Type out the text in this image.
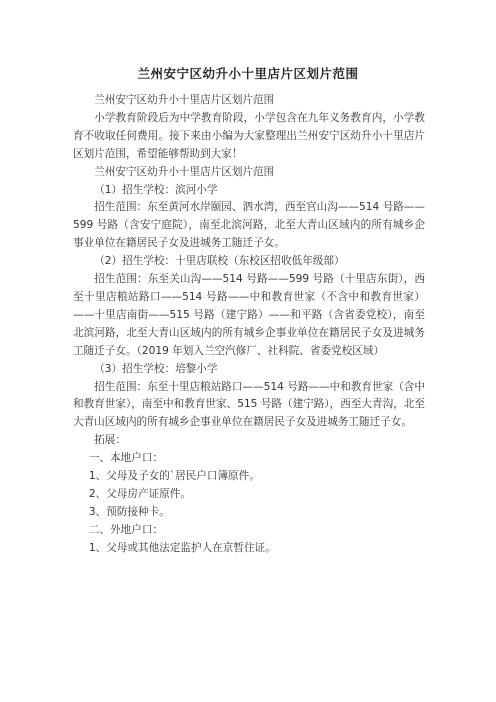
兰州安宁区幼升小十里店片区划片范围

兰州安宁区幼升小十里店片区划片范围

小学教育阶段后为中学教育阶段，小学包含在九年义务教育内，小学教育不收取任何费用。接下来由小编为大家整理出兰州安宁区幼升小十里店片区划片范围，希望能够帮助到大家！

兰州安宁区幼升小十里店片区划片范围

（1）招生学校：滨河小学

招生范围：东至黄河水岸颐园、泗水湾，西至官山沟——514 号路——599 号路（含安宁庭院），南至北滨河路，北至大青山区域内的所有城乡企事业单位在籍居民子女及进城务工随迁子女。

（2）招生学校：十里店联校（东校区招收低年级部）

招生范围：东至关山沟——514 号路——599 号路（十里店东街），西至十里店粮站路口——514 号路——中和教育世家（不含中和教育世家）——十里店南街——515 号路（建宁路）——和平路（含省委党校），南至北滨河路，北至大青山区域内的所有城乡企事业单位在籍居民子女及进城务工随迁子女。（2019 年划入兰空汽修厂、社科院、省委党校区域）

（3）招生学校：培黎小学

招生范围：东至十里店粮站路口——514 号路——中和教育世家（含中和教育世家），南至中和教育世家、515 号路（建宁路），西至大青沟，北至大青山区域内的所有城乡企事业单位在籍居民子女及进城务工随迁子女。

拓展：

一、本地户口：

1、父母及子女的`居民户口簿原件。

2、父母房产证原件。

3、预防接种卡。

二、外地户口：

1、父母或其他法定监护人在京暂住证。
